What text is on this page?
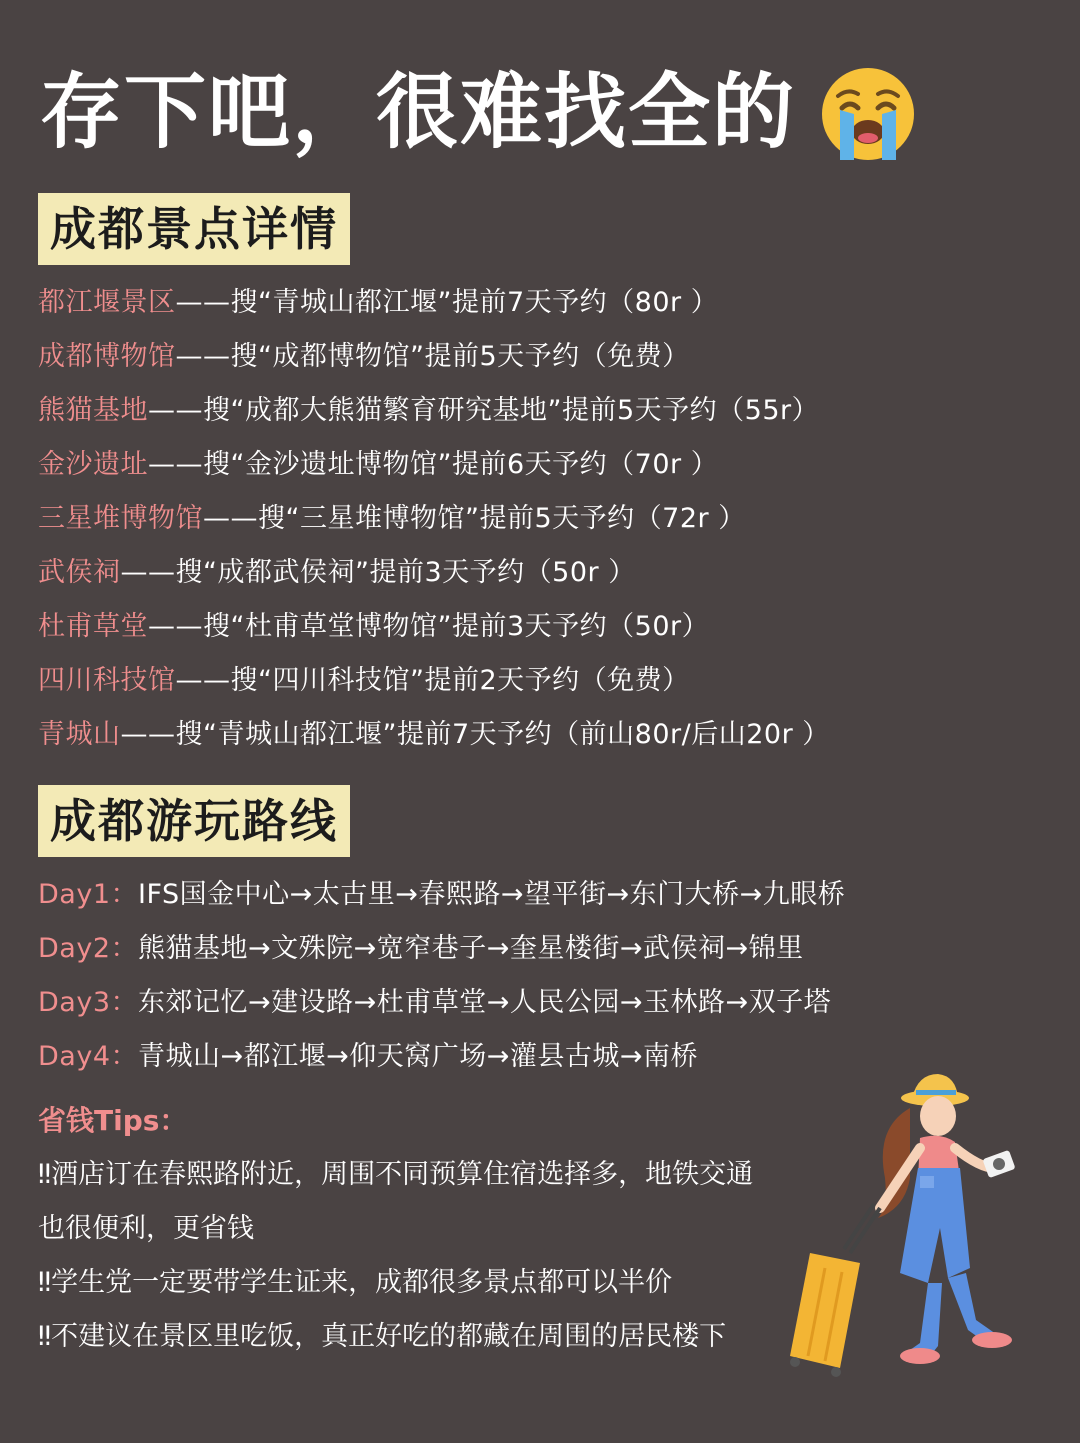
存下吧，很难找全的
成都景点详情
都江堰景区——搜“青城山都江堰”提前7天予约（80r ）
成都博物馆——搜“成都博物馆”提前5天予约（免费）
熊猫基地——搜“成都大熊猫繁育研究基地”提前5天予约（55r）
金沙遗址——搜“金沙遗址博物馆”提前6天予约（70r ）
三星堆博物馆——搜“三星堆博物馆”提前5天予约（72r ）
武侯祠——搜“成都武侯祠”提前3天予约（50r ）
杜甫草堂——搜“杜甫草堂博物馆”提前3天予约（50r）
四川科技馆——搜“四川科技馆”提前2天予约（免费）
青城山——搜“青城山都江堰”提前7天予约（前山80r/后山20r ）
成都游玩路线
Day1：IFS国金中心→太古里→春熙路→望平街→东门大桥→九眼桥
Day2：熊猫基地→文殊院→宽窄巷子→奎星楼街→武侯祠→锦里
Day3：东郊记忆→建设路→杜甫草堂→人民公园→玉林路→双子塔
Day4：青城山→都江堰→仰天窝广场→灌县古城→南桥
省钱Tips：
‼酒店订在春熙路附近，周围不同预算住宿选择多，地铁交通也很便利，更省钱
‼学生党一定要带学生证来，成都很多景点都可以半价
‼不建议在景区里吃饭，真正好吃的都藏在周围的居民楼下
